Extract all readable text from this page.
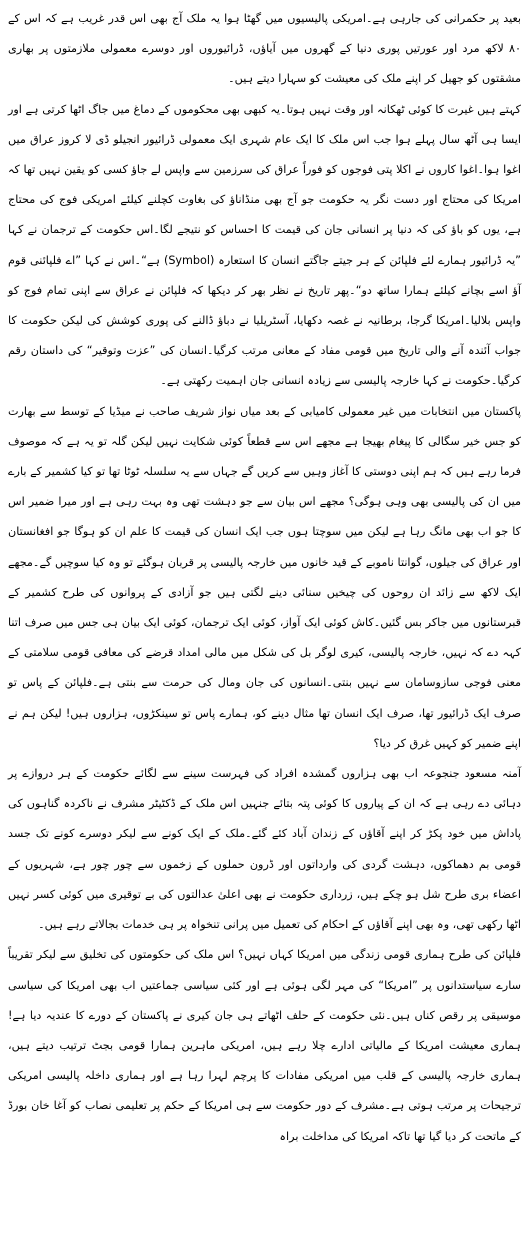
بعید پر حکمرانی کی جارہی ہے۔امریکی پالیسیوں میں گھٹا ہوا یہ ملک آج بھی اس قدر غریب ہے کہ اس کے ۸۰ لاکھ مرد اور عورتیں پوری دنیا کے گھروں میں آیاؤں، ڈرائیوروں اور دوسرے معمولی ملازمتوں پر بھاری مشقتوں کو جھیل کر اپنے ملک کی معیشت کو سہارا دیتے ہیں۔

کہتے ہیں غیرت کا کوئی ٹھکانہ اور وقت نہیں ہوتا۔یہ کبھی بھی محکوموں کے دماغ میں جاگ اٹھا کرتی ہے اور ایسا ہی آٹھ سال پہلے ہوا جب اس ملک کا ایک عام شہری ایک معمولی ڈرائیور انجیلو ڈی لا کروز عراق میں اغوا ہوا۔اغوا کاروں نے اکلا پتی فوجوں کو فوراً عراق کی سرزمین سے واپس لے جاؤ کسی کو یقین نہیں تھا کہ امریکا کی محتاج اور دست نگر یہ حکومت جو آج بھی منڈاناؤ کی بغاوت کچلنے کیلئے امریکی فوج کی محتاج ہے، یوں کو باؤ کی کہ دنیا پر انسانی جان کی قیمت کا احساس کو نتیجے لگا۔اس حکومت کے ترجمان نے کہا ”یہ ڈرائیور ہمارے لئے فلپائن کے ہر جیتے جاگتے انسان کا استعارہ (Symbol) ہے“۔اس نے کہا ”اے فلپائنی قوم آؤ اسے بچانے کیلئے ہمارا ساتھ دو“۔پھر تاریخ نے نظر بھر کر دیکھا کہ فلپائن نے عراق سے اپنی تمام فوج کو واپس بلالیا۔امریکا گرجا، برطانیہ نے غصہ دکھایا، آسٹریلیا نے دباؤ ڈالنے کی پوری کوشش کی لیکن حکومت کا جواب آئندہ آنے والی تاریخ میں قومی مفاد کے معانی مرتب کرگیا۔انسان کی ”عزت وتوقیر“ کی داستان رقم کرگیا۔حکومت نے کہا خارجہ پالیسی سے زیادہ انسانی جان اہمیت رکھتی ہے۔

پاکستان میں انتخابات میں غیر معمولی کامیابی کے بعد میاں نواز شریف صاحب نے میڈیا کے توسط سے بھارت کو جس خیر سگالی کا پیغام بھیجا ہے مجھے اس سے قطعاً کوئی شکایت نہیں لیکن گلہ تو یہ ہے کہ موصوف فرما رہے ہیں کہ ہم اپنی دوستی کا آغاز وہیں سے کریں گے جہاں سے یہ سلسلہ ٹوٹا تھا تو کیا کشمیر کے بارے میں ان کی پالیسی بھی وہی ہوگی؟ مجھے اس بیان سے جو دہشت تھی وہ بہت رہی ہے اور میرا ضمیر اس کا جو اب بھی مانگ رہا ہے لیکن میں سوچتا ہوں جب ایک انسان کی قیمت کا علم ان کو ہوگا جو افغانستان اور عراق کی جیلوں، گوانتا ناموبے کے قید خانوں میں خارجہ پالیسی پر قربان ہوگئے تو وہ کیا سوچیں گے۔مجھے ایک لاکھ سے زائد ان روحوں کی چیخیں سنائی دینے لگتی ہیں جو آزادی کے پروانوں کی طرح کشمیر کے قبرستانوں میں جاکر بس گئیں۔کاش کوئی ایک آواز، کوئی ایک ترجمان، کوئی ایک بیان ہی جس میں صرف اتنا کہہ دے کہ نہیں، خارجہ پالیسی، کیری لوگر بل کی شکل میں مالی امداد قرضے کی معافی قومی سلامتی کے معنی فوجی سازوسامان سے نہیں بنتی۔انسانوں کی جان ومال کی حرمت سے بنتی ہے۔فلپائن کے پاس تو صرف ایک ڈرائیور تھا، صرف ایک انسان تھا مثال دینے کو، ہمارے پاس تو سینکڑوں، ہزاروں ہیں! لیکن ہم نے اپنے ضمیر کو کہیں غرق کر دیا؟

آمنہ مسعود جنجوعہ اب بھی ہزاروں گمشدہ افراد کی فہرست سینے سے لگائے حکومت کے ہر دروازے پر دہائی دے رہی ہے کہ ان کے پیاروں کا کوئی پتہ بتائے جنہیں اس ملک کے ڈکٹیٹر مشرف نے ناکردہ گناہوں کی پاداش میں خود پکڑ کر اپنے آقاؤں کے زندان آباد کئے گئے۔ملک کے ایک کونے سے لیکر دوسرے کونے تک جسد قومی بم دھماکوں، دہشت گردی کی وارداتوں اور ڈرون حملوں کے زخموں سے چور چور ہے، شہریوں کے اعضاء بری طرح شل ہو چکے ہیں، زرداری حکومت نے بھی اعلیٰ عدالتوں کی بے توقیری میں کوئی کسر نہیں اٹھا رکھی تھی، وہ بھی اپنے آقاؤں کے احکام کی تعمیل میں پرانی تنخواہ پر ہی خدمات بجالاتے رہے ہیں۔

فلپائن کی طرح ہماری قومی زندگی میں امریکا کہاں نہیں؟ اس ملک کی حکومتوں کی تخلیق سے لیکر تقریباً سارے سیاستدانوں پر ”امریکا“ کی مہر لگی ہوئی ہے اور کئی سیاسی جماعتیں اب بھی امریکا کی سیاسی موسیقی پر رقص کناں ہیں۔نئی حکومت کے حلف اٹھاتے ہی جان کیری نے پاکستان کے دورے کا عندیہ دیا ہے! ہماری معیشت امریکا کے مالیاتی ادارے چلا رہے ہیں، امریکی ماہرین ہمارا قومی بجٹ ترتیب دیتے ہیں، ہماری خارجہ پالیسی کے قلب میں امریکی مفادات کا پرچم لہرا رہا ہے اور ہماری داخلہ پالیسی امریکی ترجیحات پر مرتب ہوتی ہے۔مشرف کے دور حکومت سے ہی امریکا کے حکم پر تعلیمی نصاب کو آغا خان بورڈ کے ماتحت کر دیا گیا تھا تاکہ امریکا کی مداخلت براہ
